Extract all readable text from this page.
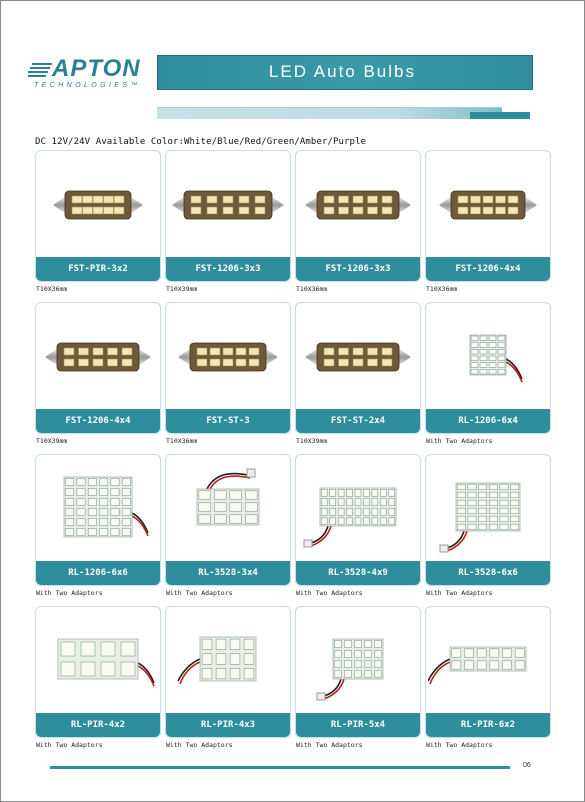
APTON
TECHNOLOGIES™
LED Auto Bulbs
DC 12V/24V Available Color:White/Blue/Red/Green/Amber/Purple
FST-PIR-3x2
T10X36mm
FST-1206-3x3
T10X39mm
FST-1206-3x3
T10X36mm
FST-1206-4x4
T10X36mm
FST-1206-4x4
T10X39mm
FST-ST-3
T10X36mm
FST-ST-2x4
T10X39mm
RL-1206-6x4
With Two Adaptors
RL-1206-6x6
With Two Adaptors
RL-3528-3x4
With Two Adaptors
RL-3528-4x9
With Two Adaptors
RL-3528-6x6
With Two Adaptors
RL-PIR-4x2
With Two Adaptors
RL-PIR-4x3
With Two Adaptors
RL-PIR-5x4
With Two Adaptors
RL-PIR-6x2
With Two Adaptors
06
